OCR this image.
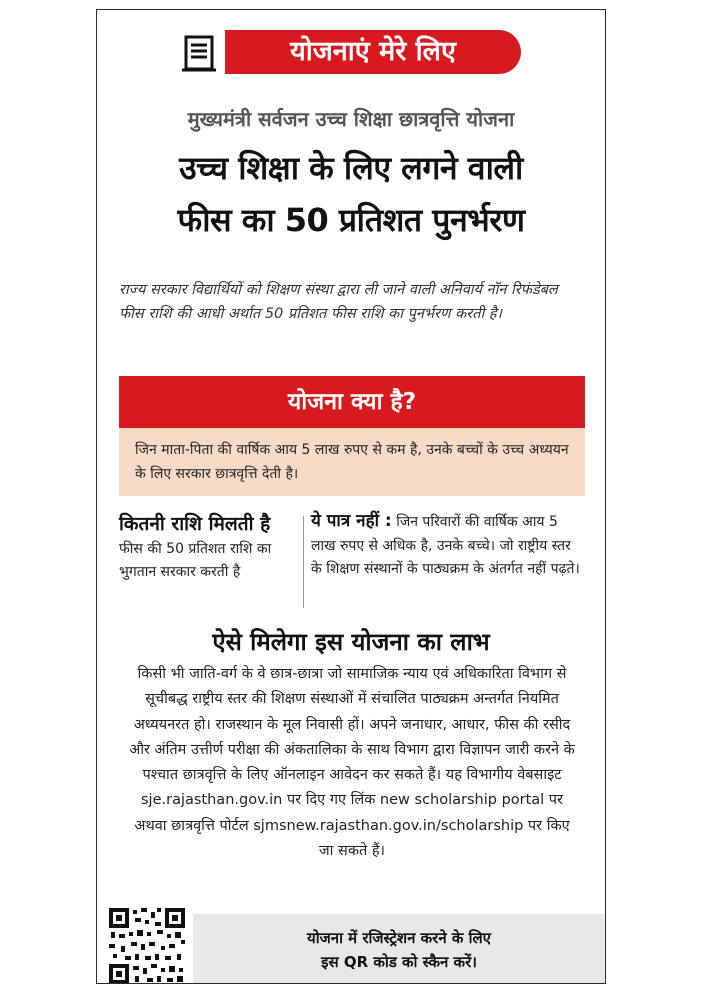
योजनाएं मेरे लिए
मुख्यमंत्री सर्वजन उच्च शिक्षा छात्रवृत्ति योजना
उच्च शिक्षा के लिए लगने वाली
फीस का 50 प्रतिशत पुनर्भरण
राज्य सरकार विद्यार्थियों को शिक्षण संस्था द्वारा ली जाने वाली अनिवार्य नॉन रिफंडेबल फीस राशि की आधी अर्थात 50 प्रतिशत फीस राशि का पुनर्भरण करती है।
योजना क्या है?
जिन माता-पिता की वार्षिक आय 5 लाख रुपए से कम है, उनके बच्चों के उच्च अध्ययन के लिए सरकार छात्रवृत्ति देती है।
कितनी राशि मिलती है
फीस की 50 प्रतिशत राशि का भुगतान सरकार करती है
ये पात्र नहीं : जिन परिवारों की वार्षिक आय 5 लाख रुपए से अधिक है, उनके बच्चे। जो राष्ट्रीय स्तर के शिक्षण संस्थानों के पाठ्यक्रम के अंतर्गत नहीं पढ़ते।
ऐसे मिलेगा इस योजना का लाभ
किसी भी जाति-वर्ग के वे छात्र-छात्रा जो सामाजिक न्याय एवं अधिकारिता विभाग से सूचीबद्ध राष्ट्रीय स्तर की शिक्षण संस्थाओं में संचालित पाठ्यक्रम अन्तर्गत नियमित अध्ययनरत हो। राजस्थान के मूल निवासी हों। अपने जनाधार, आधार, फीस की रसीद और अंतिम उत्तीर्ण परीक्षा की अंकतालिका के साथ विभाग द्वारा विज्ञापन जारी करने के पश्चात छात्रवृत्ति के लिए ऑनलाइन आवेदन कर सकते हैं। यह विभागीय वेबसाइट sje.rajasthan.gov.in पर दिए गए लिंक new scholarship portal पर अथवा छात्रवृत्ति पोर्टल sjmsnew.rajasthan.gov.in/scholarship पर किए जा सकते हैं।
योजना में रजिस्ट्रेशन करने के लिए
इस QR कोड को स्कैन करें।
